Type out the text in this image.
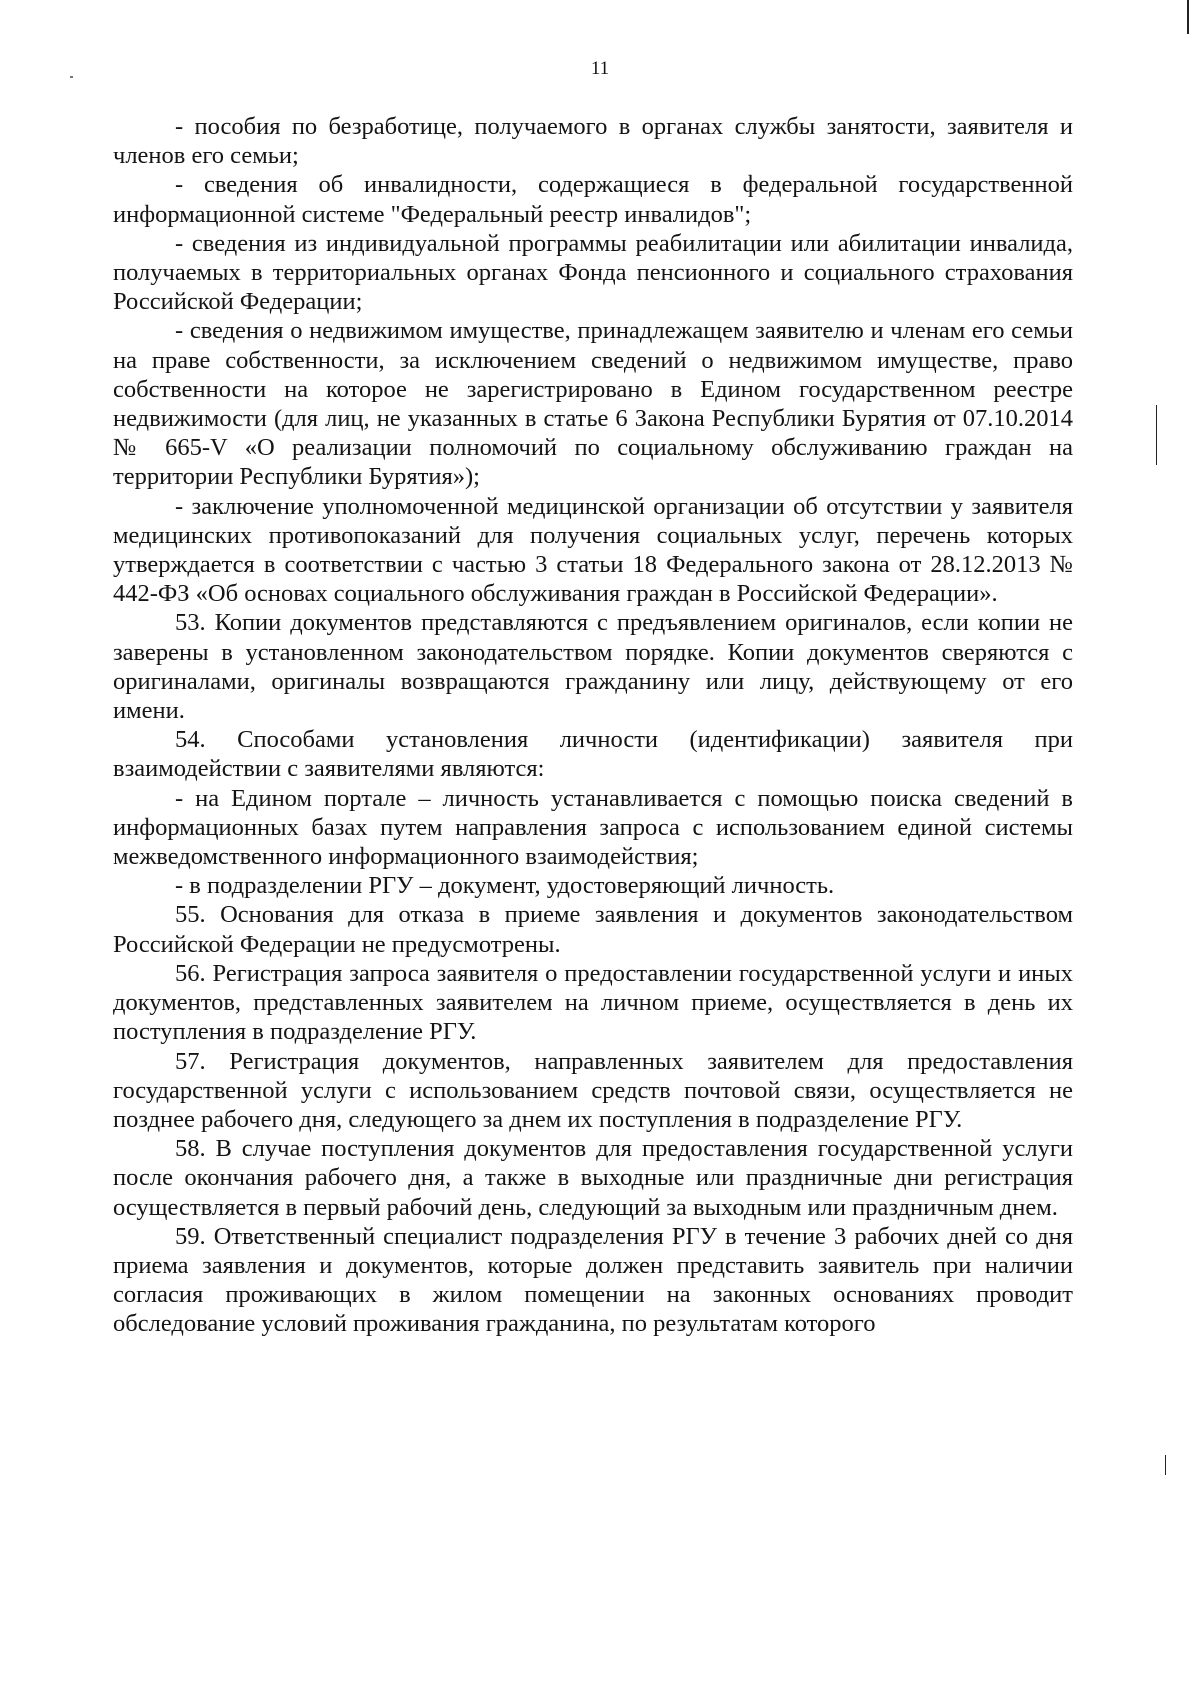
11

- пособия по безработице, получаемого в органах службы занятости, заявителя и членов его семьи;

- сведения об инвалидности, содержащиеся в федеральной государственной информационной системе "Федеральный реестр инвалидов";

- сведения из индивидуальной программы реабилитации или абилитации инвалида, получаемых в территориальных органах Фонда пенсионного и социального страхования Российской Федерации;

- сведения о недвижимом имуществе, принадлежащем заявителю и членам его семьи на праве собственности, за исключением сведений о недвижимом имуществе, право собственности на которое не зарегистрировано в Едином государственном реестре недвижимости (для лиц, не указанных в статье 6 Закона Республики Бурятия от 07.10.2014 № 665-V «О реализации полномочий по социальному обслуживанию граждан на территории Республики Бурятия»);

- заключение уполномоченной медицинской организации об отсутствии у заявителя медицинских противопоказаний для получения социальных услуг, перечень которых утверждается в соответствии с частью 3 статьи 18 Федерального закона от 28.12.2013 № 442-ФЗ «Об основах социального обслуживания граждан в Российской Федерации».

53. Копии документов представляются с предъявлением оригиналов, если копии не заверены в установленном законодательством порядке. Копии документов сверяются с оригиналами, оригиналы возвращаются гражданину или лицу, действующему от его имени.

54. Способами установления личности (идентификации) заявителя при взаимодействии с заявителями являются:

- на Едином портале – личность устанавливается с помощью поиска сведений в информационных базах путем направления запроса с использованием единой системы межведомственного информационного взаимодействия;

- в подразделении РГУ – документ, удостоверяющий личность.

55. Основания для отказа в приеме заявления и документов законодательством Российской Федерации не предусмотрены.

56. Регистрация запроса заявителя о предоставлении государственной услуги и иных документов, представленных заявителем на личном приеме, осуществляется в день их поступления в подразделение РГУ.

57. Регистрация документов, направленных заявителем для предоставления государственной услуги с использованием средств почтовой связи, осуществляется не позднее рабочего дня, следующего за днем их поступления в подразделение РГУ.

58. В случае поступления документов для предоставления государственной услуги после окончания рабочего дня, а также в выходные или праздничные дни регистрация осуществляется в первый рабочий день, следующий за выходным или праздничным днем.

59. Ответственный специалист подразделения РГУ в течение 3 рабочих дней со дня приема заявления и документов, которые должен представить заявитель при наличии согласия проживающих в жилом помещении на законных основаниях проводит обследование условий проживания гражданина, по результатам которого
